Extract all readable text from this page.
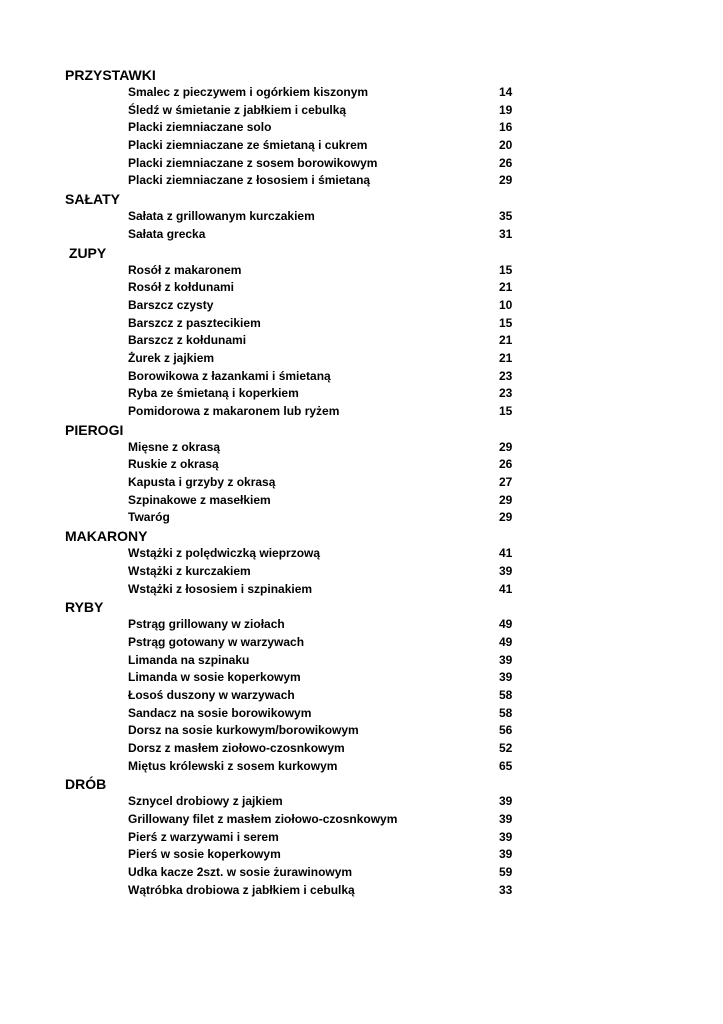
PRZYSTAWKI
Smalec z pieczywem i ogórkiem kiszonym	14
Śledź w śmietanie z jabłkiem i cebulką	19
Placki ziemniaczane solo	16
Placki ziemniaczane ze śmietaną i cukrem	20
Placki ziemniaczane z sosem borowikowym	26
Placki ziemniaczane z łososiem i śmietaną	29
SAŁATY
Sałata z grillowanym kurczakiem	35
Sałata grecka	31
ZUPY
Rosół z makaronem	15
Rosół z kołdunami	21
Barszcz czysty	10
Barszcz z pasztecikiem	15
Barszcz z kołdunami	21
Żurek z jajkiem	21
Borowikowa z łazankami i śmietaną	23
Ryba ze śmietaną i koperkiem	23
Pomidorowa z makaronem lub ryżem	15
PIEROGI
Mięsne z okrasą	29
Ruskie z okrasą	26
Kapusta i grzyby z okrasą	27
Szpinakowe z masełkiem	29
Twaróg	29
MAKARONY
Wstążki z polędwiczką wieprzową	41
Wstążki z kurczakiem	39
Wstążki z łososiem i szpinakiem	41
RYBY
Pstrąg grillowany w ziołach	49
Pstrąg gotowany w warzywach	49
Limanda na szpinaku	39
Limanda w sosie koperkowym	39
Łosoś duszony w warzywach	58
Sandacz na sosie borowikowym	58
Dorsz na sosie kurkowym/borowikowym	56
Dorsz z masłem ziołowo-czosnkowym	52
Miętus królewski z sosem kurkowym	65
DRÓB
Sznycel drobiowy z jajkiem	39
Grillowany filet z masłem ziołowo-czosnkowym	39
Pierś z warzywami i serem	39
Pierś w sosie koperkowym	39
Udka kacze 2szt. w sosie żurawinowym	59
Wątróbka drobiowa z jabłkiem i cebulką	33
